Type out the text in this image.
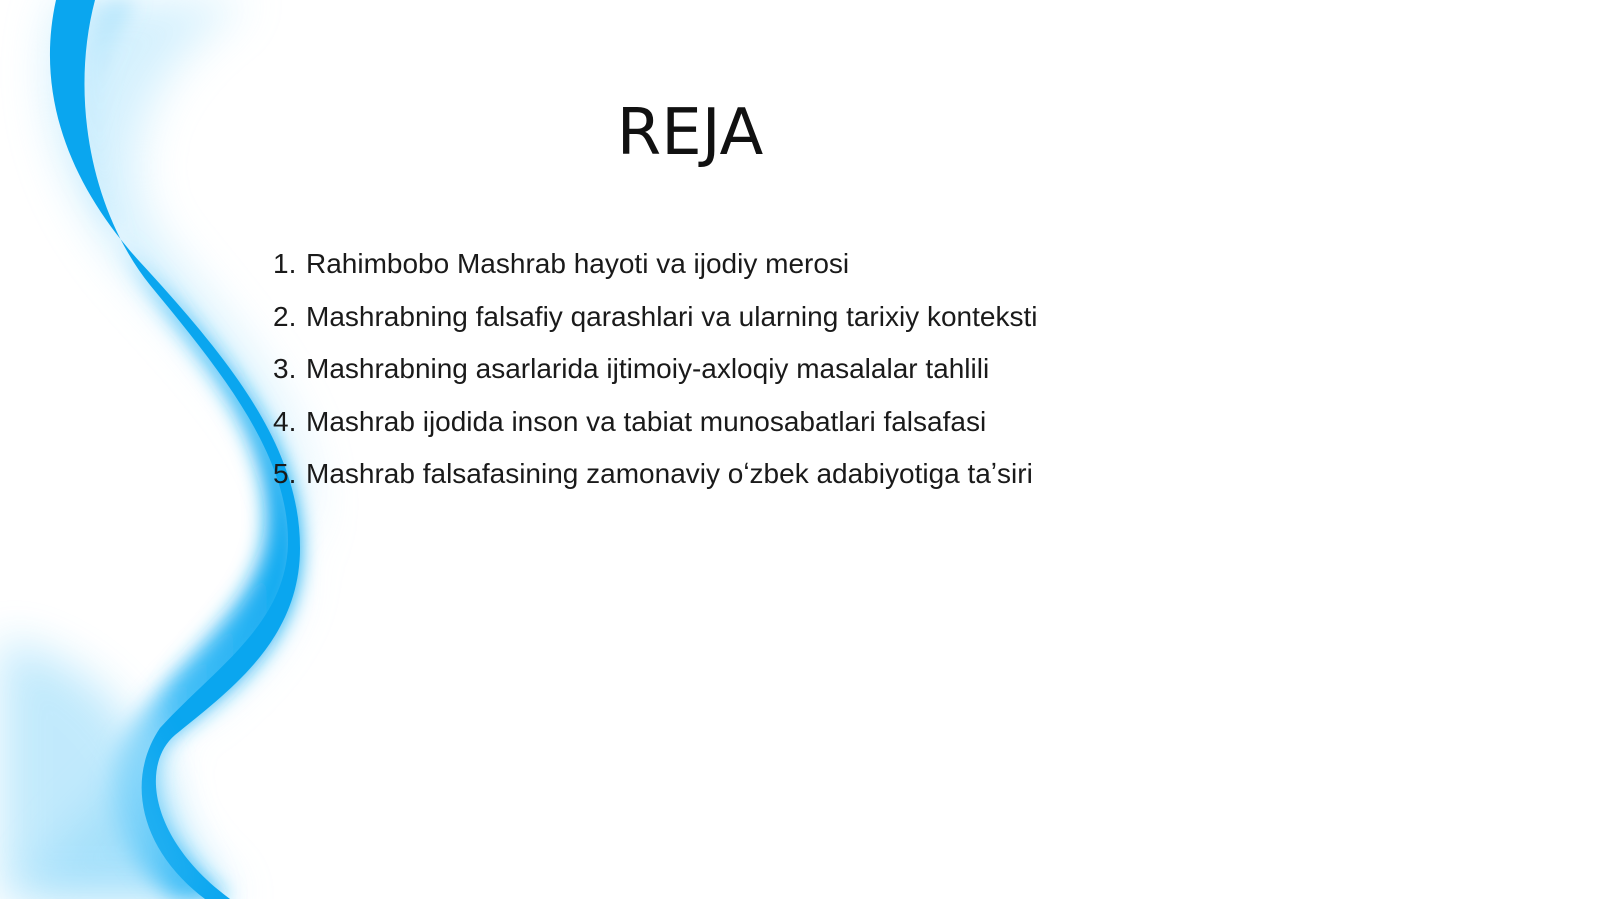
REJA
1. Rahimbobo Mashrab hayoti va ijodiy merosi
2. Mashrabning falsafiy qarashlari va ularning tarixiy konteksti
3. Mashrabning asarlarida ijtimoiy-axloqiy masalalar tahlili
4. Mashrab ijodida inson va tabiat munosabatlari falsafasi
5. Mashrab falsafasining zamonaviy oʻzbek adabiyotiga taʼsiri
